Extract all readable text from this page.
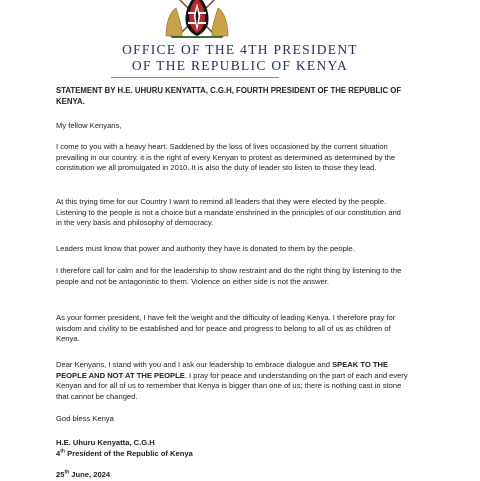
OFFICE OF THE 4TH PRESIDENT
OF THE REPUBLIC OF KENYA
STATEMENT BY H.E. UHURU KENYATTA, C.G.H, FOURTH PRESIDENT OF THE REPUBLIC OF KENYA.
My fellow Kenyans,
I come to you with a heavy heart. Saddened by the loss of lives occasioned by the current situation prevailing in our country. it is the right of every Kenyan to protest as determined as determined by the constitution we all promulgated in 2010. It is also the duty of leader sto listen to those they lead.
At this trying time for our Country I want to remind all leaders that they were elected by the people. Listening to the people is not a choice but a mandate enshrined in the principles of our constitution and in the very basis and philosophy of democracy.
Leaders must know that power and authority they have is donated to them by the people.
I therefore call for calm and for the leadership to show restraint and do the right thing by listening to the people and not be antagonistic to them. Violence on either side is not the answer.
As your former president, I have felt the weight and the difficulty of leading Kenya. I therefore pray for wisdom and civility to be established and for peace and progress to belong to all of us as children of Kenya.
Dear Kenyans, I stand with you and I ask our leadership to embrace dialogue and SPEAK TO THE PEOPLE AND NOT AT THE PEOPLE. I pray for peace and understanding on the part of each and every Kenyan and for all of us to remember that Kenya is bigger than one of us; there is nothing cast in stone that cannot be changed.
God bless Kenya
H.E. Uhuru Kenyatta, C.G.H
4th President of the Republic of Kenya
25th June, 2024
